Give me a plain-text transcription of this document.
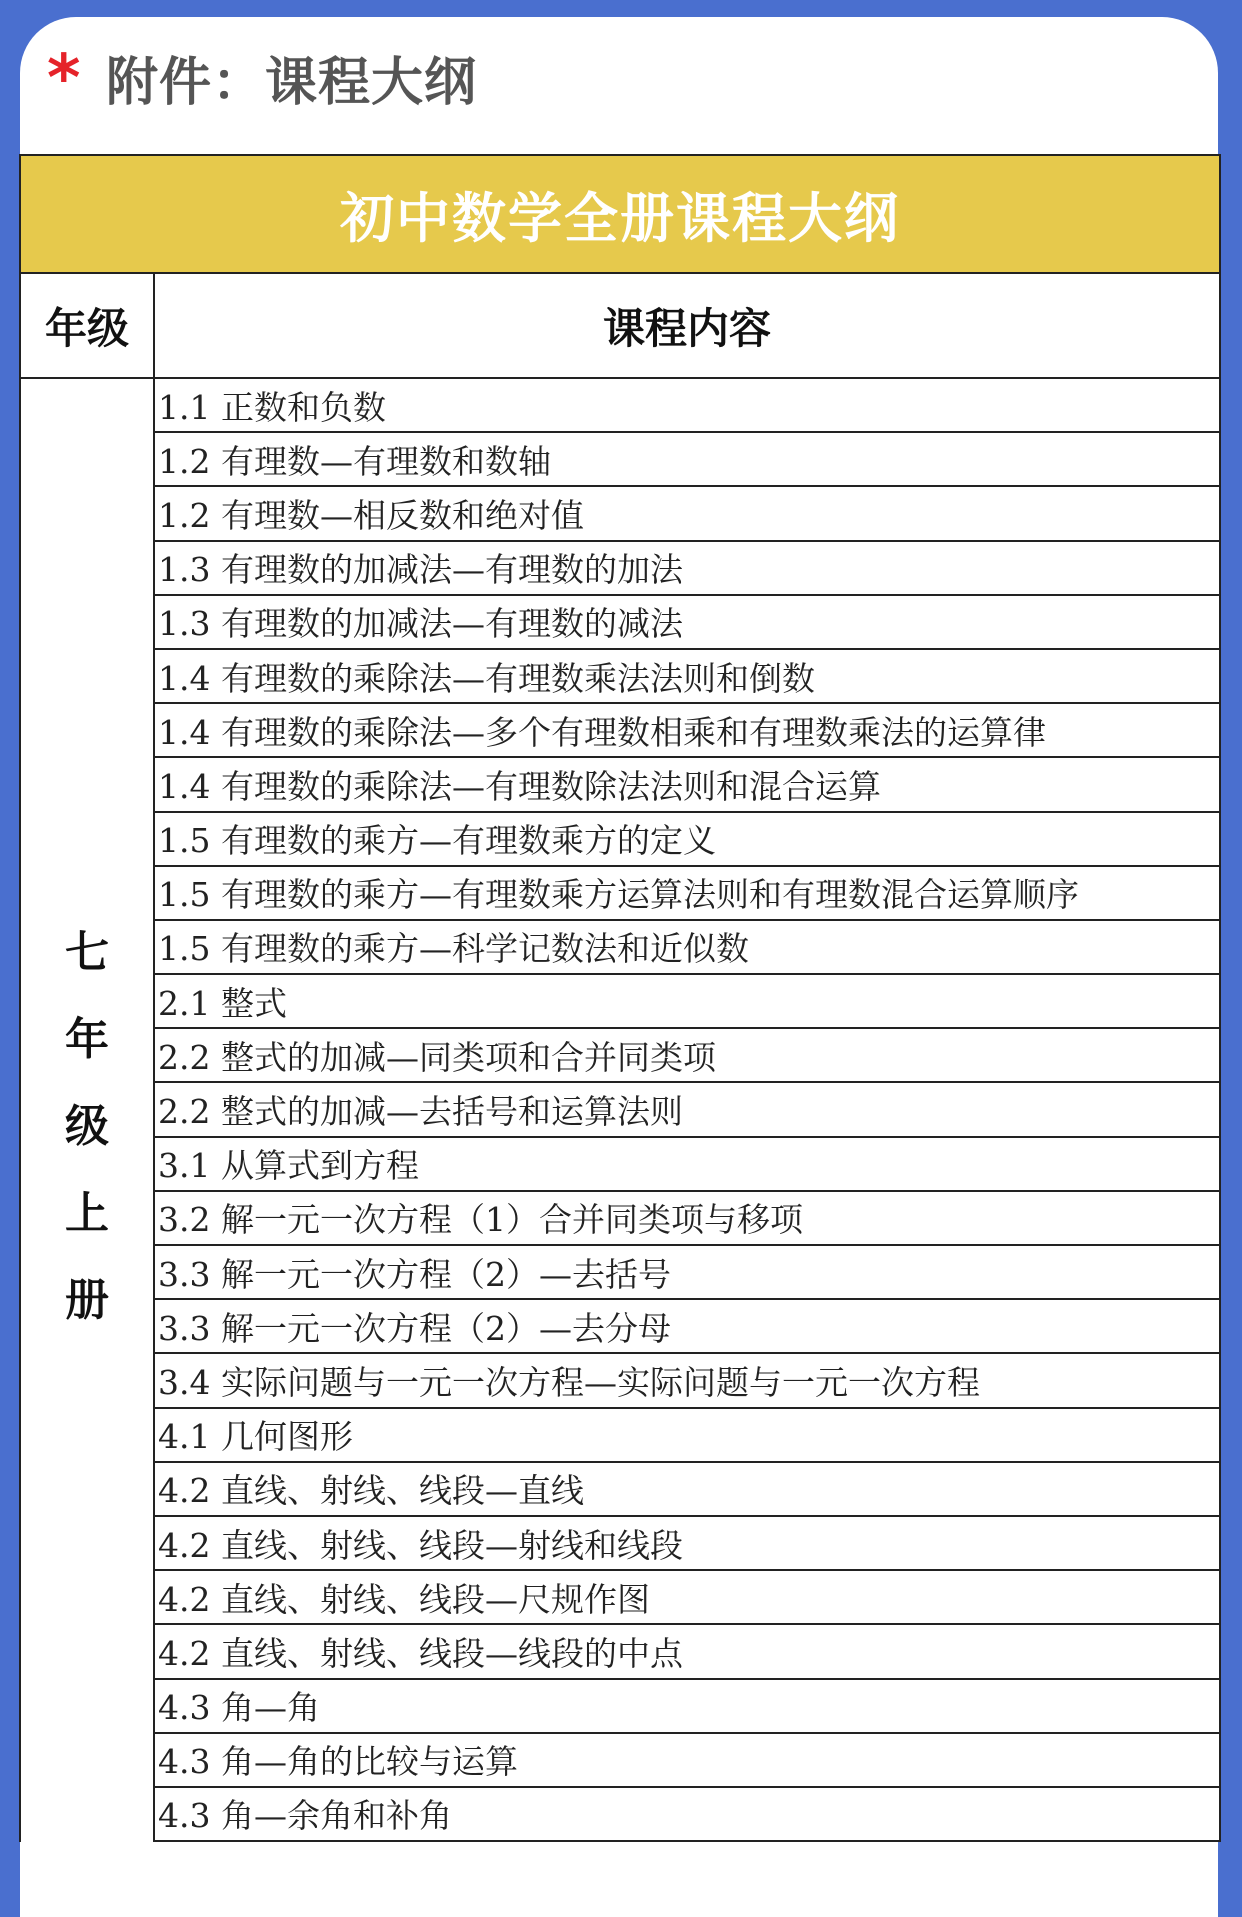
* 附件：课程大纲
初中数学全册课程大纲
年级	课程内容
七
年
级
上
册
1.1 正数和负数
1.2 有理数—有理数和数轴
1.2 有理数—相反数和绝对值
1.3 有理数的加减法—有理数的加法
1.3 有理数的加减法—有理数的减法
1.4 有理数的乘除法—有理数乘法法则和倒数
1.4 有理数的乘除法—多个有理数相乘和有理数乘法的运算律
1.4 有理数的乘除法—有理数除法法则和混合运算
1.5 有理数的乘方—有理数乘方的定义
1.5 有理数的乘方—有理数乘方运算法则和有理数混合运算顺序
1.5 有理数的乘方—科学记数法和近似数
2.1 整式
2.2 整式的加减—同类项和合并同类项
2.2 整式的加减—去括号和运算法则
3.1 从算式到方程
3.2 解一元一次方程（1）合并同类项与移项
3.3 解一元一次方程（2）—去括号
3.3 解一元一次方程（2）—去分母
3.4 实际问题与一元一次方程—实际问题与一元一次方程
4.1 几何图形
4.2 直线、射线、线段—直线
4.2 直线、射线、线段—射线和线段
4.2 直线、射线、线段—尺规作图
4.2 直线、射线、线段—线段的中点
4.3 角—角
4.3 角—角的比较与运算
4.3 角—余角和补角
